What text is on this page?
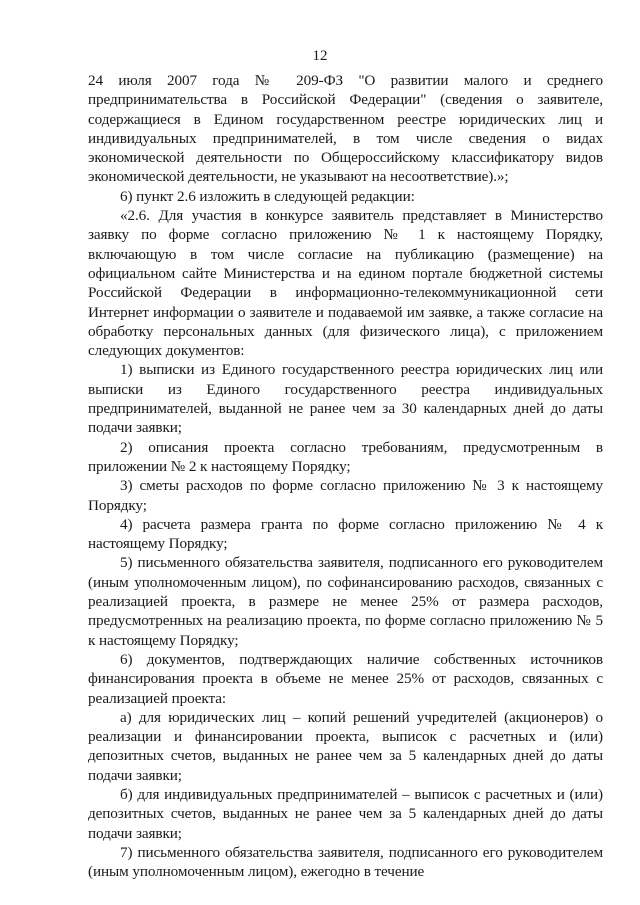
12

24 июля 2007 года № 209-ФЗ "О развитии малого и среднего предпринимательства в Российской Федерации" (сведения о заявителе, содержащиеся в Едином государственном реестре юридических лиц и индивидуальных предпринимателей, в том числе сведения о видах экономической деятельности по Общероссийскому классификатору видов экономической деятельности, не указывают на несоответствие).»;

6) пункт 2.6 изложить в следующей редакции:

«2.6. Для участия в конкурсе заявитель представляет в Министерство заявку по форме согласно приложению № 1 к настоящему Порядку, включающую в том числе согласие на публикацию (размещение) на официальном сайте Министерства и на едином портале бюджетной системы Российской Федерации в информационно-телекоммуникационной сети Интернет информации о заявителе и подаваемой им заявке, а также согласие на обработку персональных данных (для физического лица), с приложением следующих документов:

1) выписки из Единого государственного реестра юридических лиц или выписки из Единого государственного реестра индивидуальных предпринимателей, выданной не ранее чем за 30 календарных дней до даты подачи заявки;

2) описания проекта согласно требованиям, предусмотренным в приложении № 2 к настоящему Порядку;

3) сметы расходов по форме согласно приложению № 3 к настоящему Порядку;

4) расчета размера гранта по форме согласно приложению № 4 к настоящему Порядку;

5) письменного обязательства заявителя, подписанного его руководителем (иным уполномоченным лицом), по софинансированию расходов, связанных с реализацией проекта, в размере не менее 25% от размера расходов, предусмотренных на реализацию проекта, по форме согласно приложению № 5 к настоящему Порядку;

6) документов, подтверждающих наличие собственных источников финансирования проекта в объеме не менее 25% от расходов, связанных с реализацией проекта:

а) для юридических лиц – копий решений учредителей (акционеров) о реализации и финансировании проекта, выписок с расчетных и (или) депозитных счетов, выданных не ранее чем за 5 календарных дней до даты подачи заявки;

б) для индивидуальных предпринимателей – выписок с расчетных и (или) депозитных счетов, выданных не ранее чем за 5 календарных дней до даты подачи заявки;

7) письменного обязательства заявителя, подписанного его руководителем (иным уполномоченным лицом), ежегодно в течение
